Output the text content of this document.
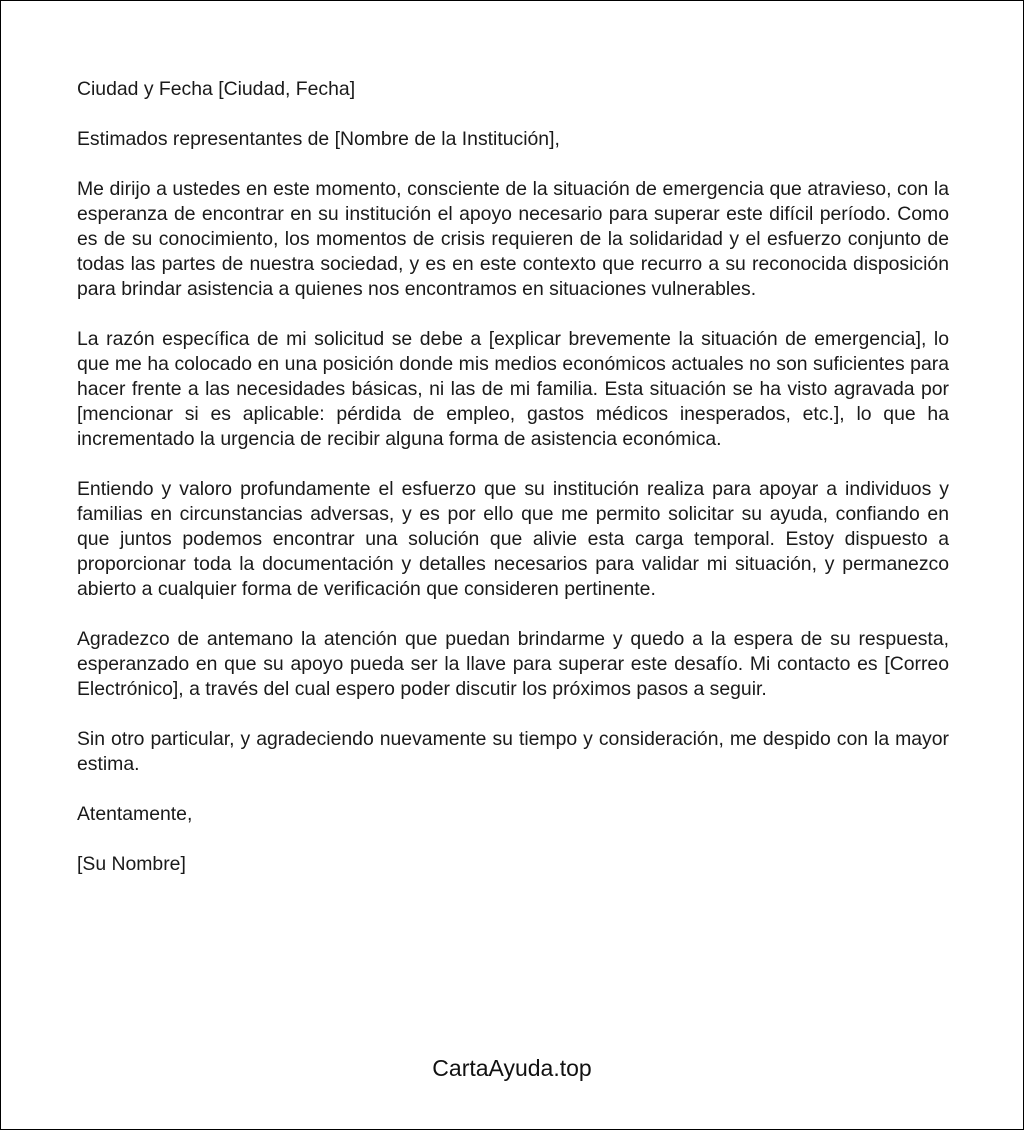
Ciudad y Fecha [Ciudad, Fecha]

Estimados representantes de [Nombre de la Institución],

Me dirijo a ustedes en este momento, consciente de la situación de emergencia que atravieso, con la esperanza de encontrar en su institución el apoyo necesario para superar este difícil período. Como es de su conocimiento, los momentos de crisis requieren de la solidaridad y el esfuerzo conjunto de todas las partes de nuestra sociedad, y es en este contexto que recurro a su reconocida disposición para brindar asistencia a quienes nos encontramos en situaciones vulnerables.

La razón específica de mi solicitud se debe a [explicar brevemente la situación de emergencia], lo que me ha colocado en una posición donde mis medios económicos actuales no son suficientes para hacer frente a las necesidades básicas, ni las de mi familia. Esta situación se ha visto agravada por [mencionar si es aplicable: pérdida de empleo, gastos médicos inesperados, etc.], lo que ha incrementado la urgencia de recibir alguna forma de asistencia económica.

Entiendo y valoro profundamente el esfuerzo que su institución realiza para apoyar a individuos y familias en circunstancias adversas, y es por ello que me permito solicitar su ayuda, confiando en que juntos podemos encontrar una solución que alivie esta carga temporal. Estoy dispuesto a proporcionar toda la documentación y detalles necesarios para validar mi situación, y permanezco abierto a cualquier forma de verificación que consideren pertinente.

Agradezco de antemano la atención que puedan brindarme y quedo a la espera de su respuesta, esperanzado en que su apoyo pueda ser la llave para superar este desafío. Mi contacto es [Correo Electrónico], a través del cual espero poder discutir los próximos pasos a seguir.

Sin otro particular, y agradeciendo nuevamente su tiempo y consideración, me despido con la mayor estima.

Atentamente,

[Su Nombre]

CartaAyuda.top
